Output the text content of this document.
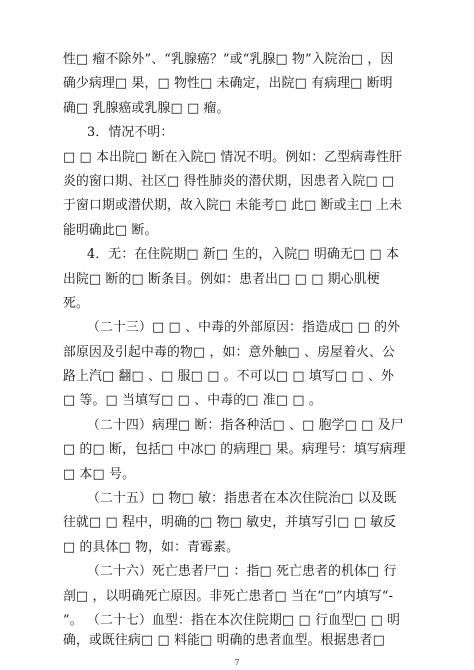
性□ 瘤不除外”、“乳腺癌？”或“乳腺□ 物”入院治□ ，因
确少病理□ 果，□ 物性□ 未确定，出院□ 有病理□ 断明
确□ 乳腺癌或乳腺□ □ 瘤。
3．情况不明：
□ □ 本出院□ 断在入院□ 情况不明。例如：乙型病毒性肝
炎的窗口期、社区□ 得性肺炎的潜伏期，因患者入院□ □
于窗口期或潜伏期，故入院□ 未能考□ 此□ 断或主□ 上未
能明确此□ 断。
4．无：在住院期□ 新□ 生的，入院□ 明确无□ □ 本
出院□ 断的□ 断条目。例如：患者出□ □ □ 期心肌梗
死。
（二十三）□ □ 、中毒的外部原因：指造成□ □ 的外
部原因及引起中毒的物□ ，如：意外触□ 、房屋着火、公
路上汽□ 翻□ 、□ 服□ □ 。不可以□ □ 填写□ □ 、外
□ 等。□ 当填写□ □ 、中毒的□ 准□ □ 。
（二十四）病理□ 断：指各种活□ 、□ 胞学□ □ 及尸
□ 的□ 断，包括□ 中冰□ 的病理□ 果。病理号：填写病理
□ 本□ 号。
（二十五）□ 物□ 敏：指患者在本次住院治□ 以及既
往就□ □ 程中，明确的□ 物□ 敏史，并填写引□ □ 敏反
□ 的具体□ 物，如：青霉素。
（二十六）死亡患者尸□ ：指□ 死亡患者的机体□ 行
剖□ ，以明确死亡原因。非死亡患者□ 当在“□”内填写“-
”。 （二十七）血型：指在本次住院期□ □ 行血型□ □ 明
确，或既往病□ □ 料能□ 明确的患者血型。根据患者□
7
